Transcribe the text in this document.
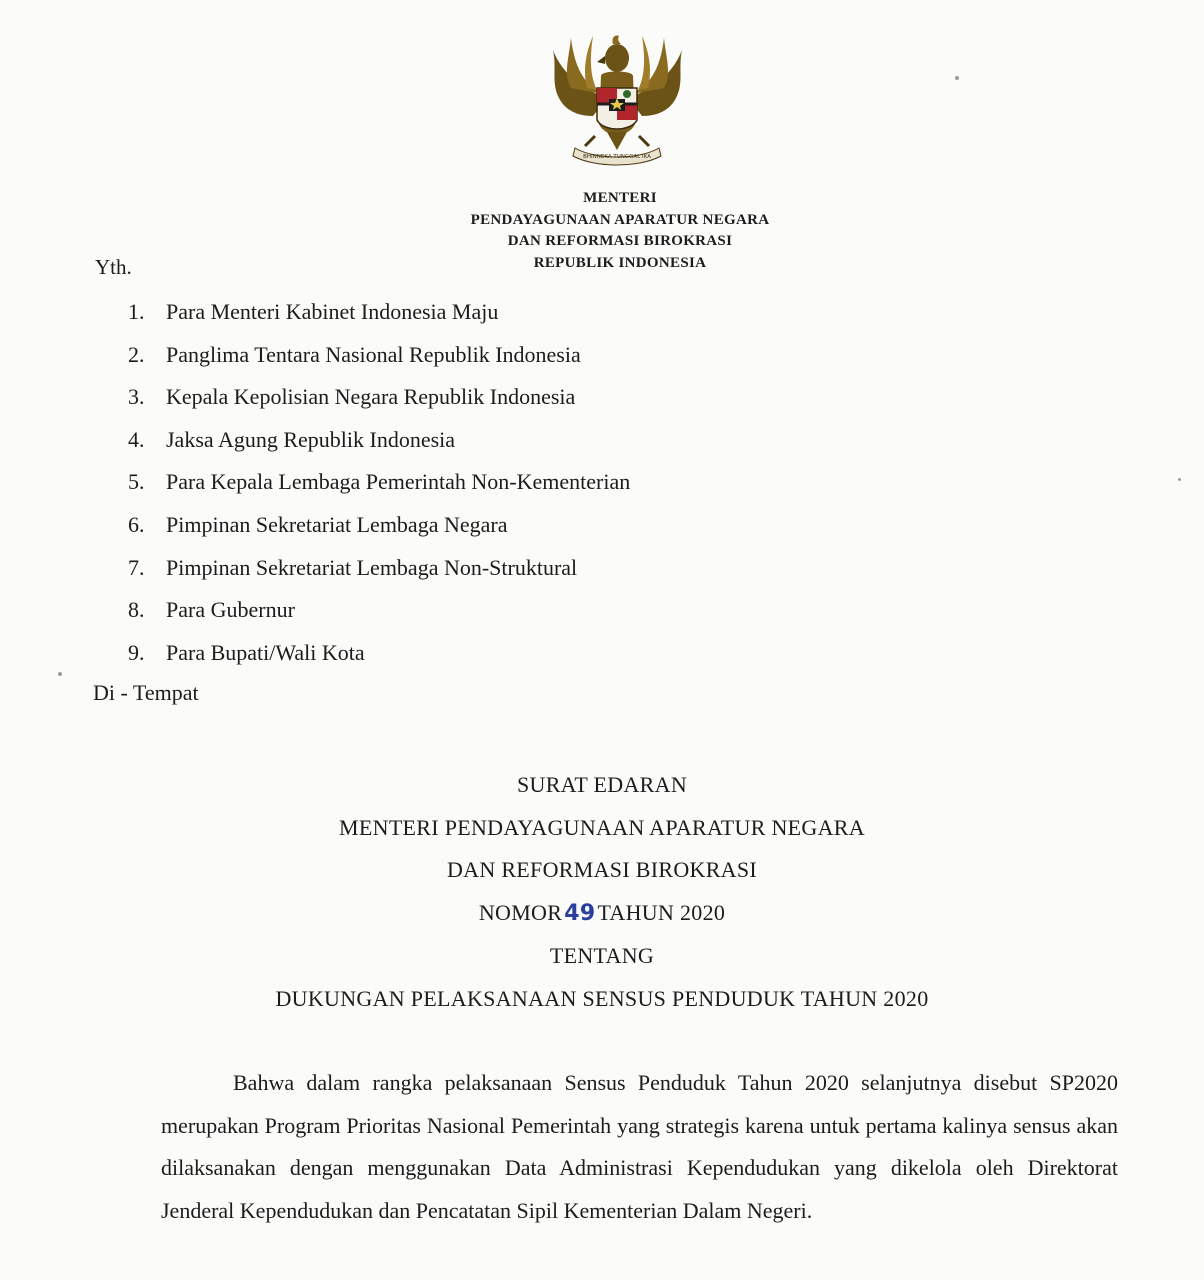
BHINNEKA TUNGGAL IKA
MENTERI
PENDAYAGUNAAN APARATUR NEGARA
DAN REFORMASI BIROKRASI
REPUBLIK INDONESIA
Yth.
1. Para Menteri Kabinet Indonesia Maju
2. Panglima Tentara Nasional Republik Indonesia
3. Kepala Kepolisian Negara Republik Indonesia
4. Jaksa Agung Republik Indonesia
5. Para Kepala Lembaga Pemerintah Non-Kementerian
6. Pimpinan Sekretariat Lembaga Negara
7. Pimpinan Sekretariat Lembaga Non-Struktural
8. Para Gubernur
9. Para Bupati/Wali Kota
Di - Tempat
SURAT EDARAN
MENTERI PENDAYAGUNAAN APARATUR NEGARA
DAN REFORMASI BIROKRASI
NOMOR49TAHUN 2020
TENTANG
DUKUNGAN PELAKSANAAN SENSUS PENDUDUK TAHUN 2020

Bahwa dalam rangka pelaksanaan Sensus Penduduk Tahun 2020 selanjutnya disebut SP2020 merupakan Program Prioritas Nasional Pemerintah yang strategis karena untuk pertama kalinya sensus akan dilaksanakan dengan menggunakan Data Administrasi Kependudukan yang dikelola oleh Direktorat Jenderal Kependudukan dan Pencatatan Sipil Kementerian Dalam Negeri.
